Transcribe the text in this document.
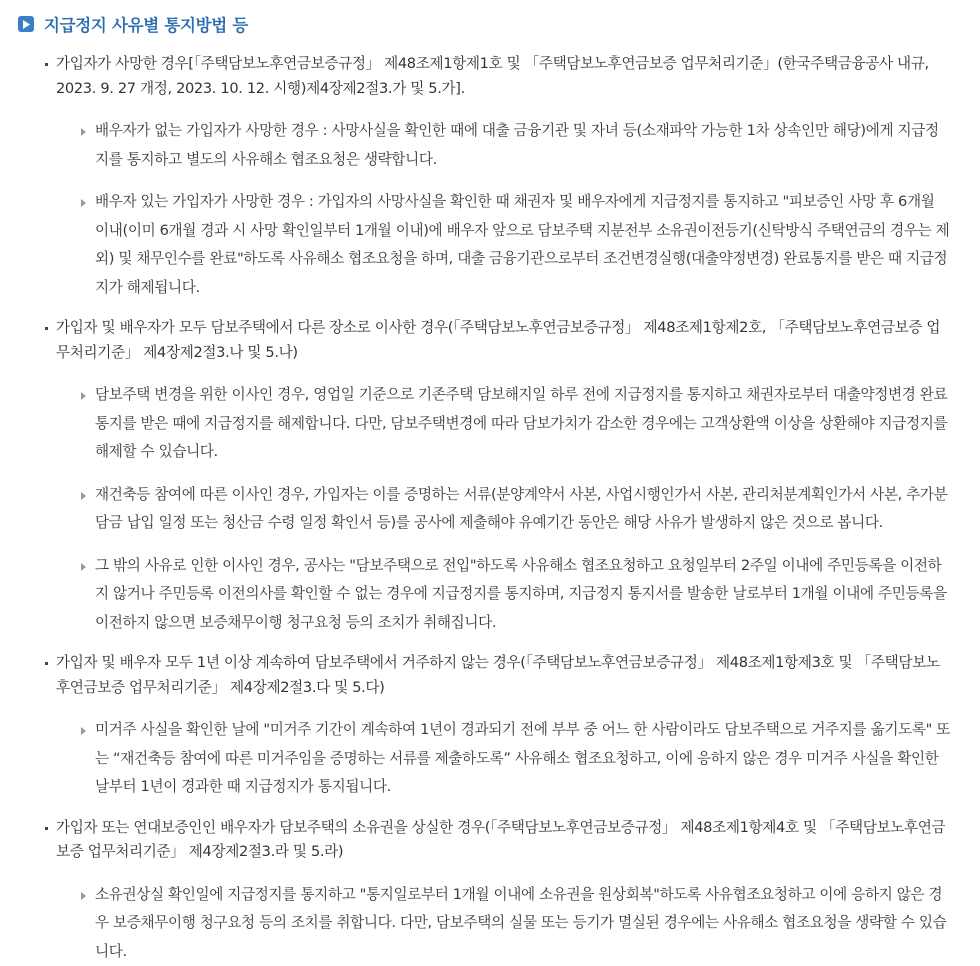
지급정지 사유별 통지방법 등
가입자가 사망한 경우[「주택담보노후연금보증규정」 제48조제1항제1호 및 「주택담보노후연금보증 업무처리기준」(한국주택금융공사 내규, 2023. 9. 27 개정, 2023. 10. 12. 시행)제4장제2절3.가 및 5.가].
배우자가 없는 가입자가 사망한 경우 : 사망사실을 확인한 때에 대출 금융기관 및 자녀 등(소재파악 가능한 1차 상속인만 해당)에게 지급정지를 통지하고 별도의 사유해소 협조요청은 생략합니다.
배우자 있는 가입자가 사망한 경우 : 가입자의 사망사실을 확인한 때 채권자 및 배우자에게 지급정지를 통지하고 "피보증인 사망 후 6개월 이내(이미 6개월 경과 시 사망 확인일부터 1개월 이내)에 배우자 앞으로 담보주택 지분전부 소유권이전등기(신탁방식 주택연금의 경우는 제외) 및 채무인수를 완료"하도록 사유해소 협조요청을 하며, 대출 금융기관으로부터 조건변경실행(대출약정변경) 완료통지를 받은 때 지급정지가 해제됩니다.
가입자 및 배우자가 모두 담보주택에서 다른 장소로 이사한 경우(「주택담보노후연금보증규정」 제48조제1항제2호, 「주택담보노후연금보증 업무처리기준」 제4장제2절3.나 및 5.나)
담보주택 변경을 위한 이사인 경우, 영업일 기준으로 기존주택 담보해지일 하루 전에 지급정지를 통지하고 채권자로부터 대출약정변경 완료통지를 받은 때에 지급정지를 해제합니다. 다만, 담보주택변경에 따라 담보가치가 감소한 경우에는 고객상환액 이상을 상환해야 지급정지를 해제할 수 있습니다.
재건축등 참여에 따른 이사인 경우, 가입자는 이를 증명하는 서류(분양계약서 사본, 사업시행인가서 사본, 관리처분계획인가서 사본, 추가분담금 납입 일정 또는 청산금 수령 일정 확인서 등)를 공사에 제출해야 유예기간 동안은 해당 사유가 발생하지 않은 것으로 봅니다.
그 밖의 사유로 인한 이사인 경우, 공사는 "담보주택으로 전입"하도록 사유해소 협조요청하고 요청일부터 2주일 이내에 주민등록을 이전하지 않거나 주민등록 이전의사를 확인할 수 없는 경우에 지급정지를 통지하며, 지급정지 통지서를 발송한 날로부터 1개월 이내에 주민등록을 이전하지 않으면 보증채무이행 청구요청 등의 조치가 취해집니다.
가입자 및 배우자 모두 1년 이상 계속하여 담보주택에서 거주하지 않는 경우(「주택담보노후연금보증규정」 제48조제1항제3호 및 「주택담보노후연금보증 업무처리기준」 제4장제2절3.다 및 5.다)
미거주 사실을 확인한 날에 "미거주 기간이 계속하여 1년이 경과되기 전에 부부 중 어느 한 사람이라도 담보주택으로 거주지를 옮기도록" 또는 “재건축등 참여에 따른 미거주임을 증명하는 서류를 제출하도록” 사유해소 협조요청하고, 이에 응하지 않은 경우 미거주 사실을 확인한 날부터 1년이 경과한 때 지급정지가 통지됩니다.
가입자 또는 연대보증인인 배우자가 담보주택의 소유권을 상실한 경우(「주택담보노후연금보증규정」 제48조제1항제4호 및 「주택담보노후연금보증 업무처리기준」 제4장제2절3.라 및 5.라)
소유권상실 확인일에 지급정지를 통지하고 "통지일로부터 1개월 이내에 소유권을 원상회복"하도록 사유협조요청하고 이에 응하지 않은 경우 보증채무이행 청구요청 등의 조치를 취합니다. 다만, 담보주택의 실물 또는 등기가 멸실된 경우에는 사유해소 협조요청을 생략할 수 있습니다.
